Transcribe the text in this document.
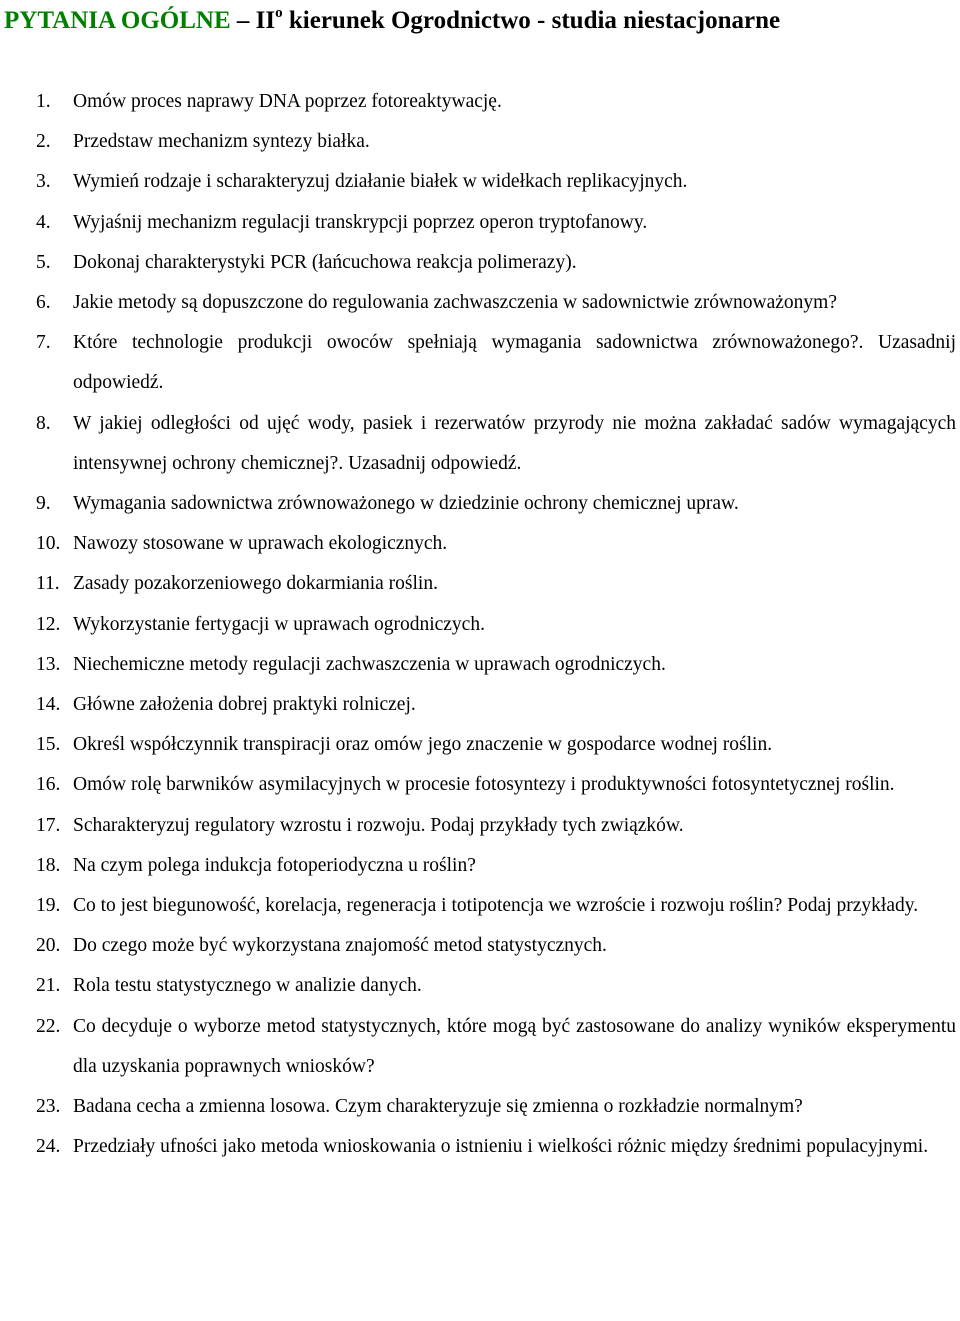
PYTANIA OGÓLNE – $II^o$ kierunek Ogrodnictwo - studia niestacjonarne
1. Omów proces naprawy DNA poprzez fotoreaktywację.
2. Przedstaw mechanizm syntezy białka.
3. Wymień rodzaje i scharakteryzuj działanie białek w widełkach replikacyjnych.
4. Wyjaśnij mechanizm regulacji transkrypcji poprzez operon tryptofanowy.
5. Dokonaj charakterystyki PCR (łańcuchowa reakcja polimerazy).
6. Jakie metody są dopuszczone do regulowania zachwaszczenia w sadownictwie zrównoważonym?
7. Które technologie produkcji owoców spełniają wymagania sadownictwa zrównoważonego?. Uzasadnij odpowiedź.
8. W jakiej odległości od ujęć wody, pasiek i rezerwatów przyrody nie można zakładać sadów wymagających intensywnej ochrony chemicznej?. Uzasadnij odpowiedź.
9. Wymagania sadownictwa zrównoważonego w dziedzinie ochrony chemicznej upraw.
10. Nawozy stosowane w uprawach ekologicznych.
11. Zasady pozakorzeniowego dokarmiania roślin.
12. Wykorzystanie fertygacji w uprawach ogrodniczych.
13. Niechemiczne metody regulacji zachwaszczenia w uprawach ogrodniczych.
14. Główne założenia dobrej praktyki rolniczej.
15. Określ współczynnik transpiracji oraz omów jego znaczenie w gospodarce wodnej roślin.
16. Omów rolę barwników asymilacyjnych w procesie fotosyntezy i produktywności fotosyntetycznej roślin.
17. Scharakteryzuj regulatory wzrostu i rozwoju. Podaj przykłady tych związków.
18. Na czym polega indukcja fotoperiodyczna u roślin?
19. Co to jest biegunowość, korelacja, regeneracja i totipotencja we wzroście i rozwoju roślin? Podaj przykłady.
20. Do czego może być wykorzystana znajomość metod statystycznych.
21. Rola testu statystycznego w analizie danych.
22. Co decyduje o wyborze metod statystycznych, które mogą być zastosowane do analizy wyników eksperymentu dla uzyskania poprawnych wniosków?
23. Badana cecha a zmienna losowa. Czym charakteryzuje się zmienna o rozkładzie normalnym?
24. Przedziały ufności jako metoda wnioskowania o istnieniu i wielkości różnic między średnimi populacyjnymi.
